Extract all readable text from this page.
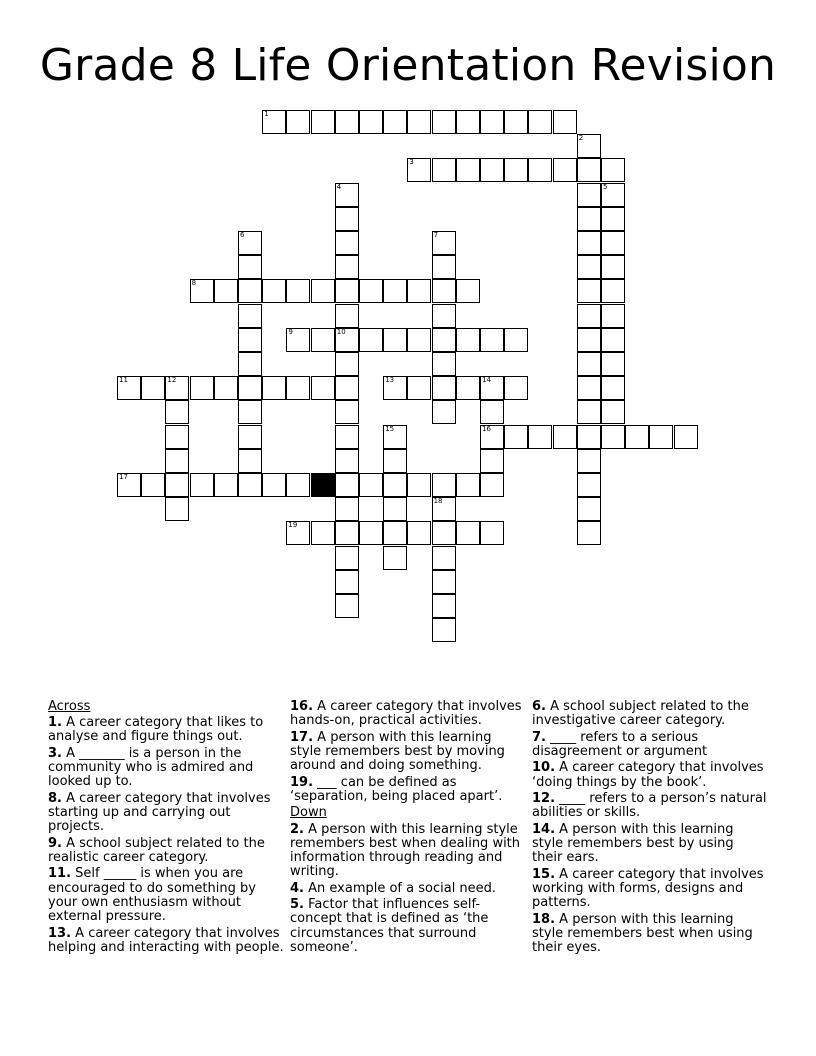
Grade 8 Life Orientation Revision
1
2
3
4
10
5
6	7
8
9
11	12	13	14
16
15
17
18
19
Across
1. A career category that likes to analyse and figure things out.
3. A _______ is a person in the community who is admired and looked up to.
8. A career category that involves starting up and carrying out projects.
9. A school subject related to the realistic career category.
11. Self _____ is when you are encouraged to do something by your own enthusiasm without external pressure.
13. A career category that involves helping and interacting with people.
16. A career category that involves hands-on, practical activities.
17. A person with this learning style remembers best by moving around and doing something.
19. ___ can be defined as ‘separation, being placed apart’.
Down
2. A person with this learning style remembers best when dealing with information through reading and writing.
4. An example of a social need.
5. Factor that influences self-concept that is defined as ‘the circumstances that surround someone’.
6. A school subject related to the investigative career category.
7. ____ refers to a serious disagreement or argument
10. A career category that involves ‘doing things by the book’.
12. ____ refers to a person’s natural abilities or skills.
14. A person with this learning style remembers best by using their ears.
15. A career category that involves working with forms, designs and patterns.
18. A person with this learning style remembers best when using their eyes.
